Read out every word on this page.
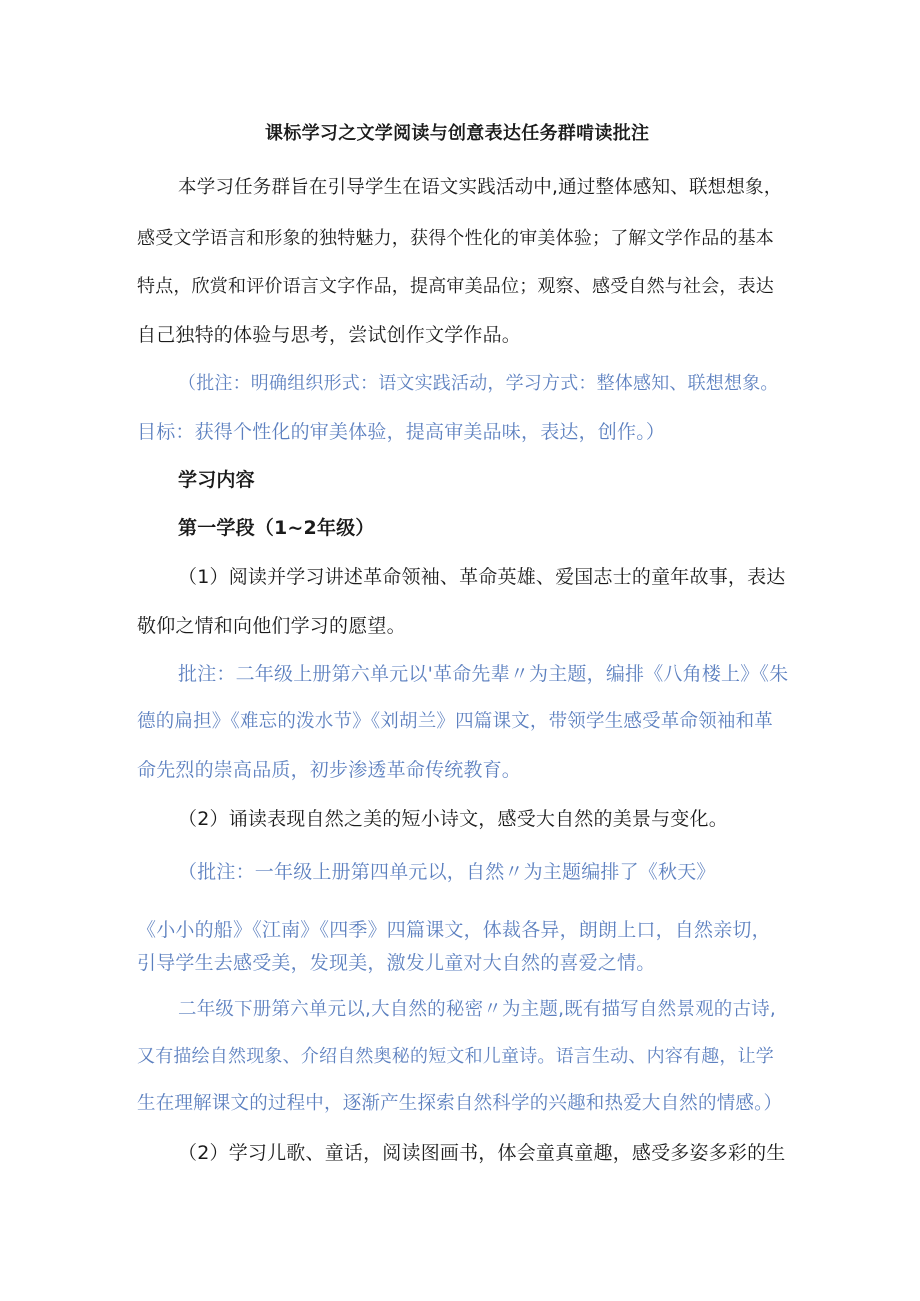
课标学习之文学阅读与创意表达任务群啃读批注
本学习任务群旨在引导学生在语文实践活动中,通过整体感知、联想想象，
感受文学语言和形象的独特魅力，获得个性化的审美体验；了解文学作品的基本
特点，欣赏和评价语言文字作品，提高审美品位；观察、感受自然与社会，表达
自己独特的体验与思考，尝试创作文学作品。
（批注：明确组织形式：语文实践活动，学习方式：整体感知、联想想象。
目标：获得个性化的审美体验，提高审美品味，表达，创作。）
学习内容
第一学段（1~2年级）
（1）阅读并学习讲述革命领袖、革命英雄、爱国志士的童年故事，表达
敬仰之情和向他们学习的愿望。
批注：二年级上册第六单元以'革命先辈〃为主题，编排《八角楼上》《朱
德的扁担》《难忘的泼水节》《刘胡兰》四篇课文，带领学生感受革命领袖和革
命先烈的崇高品质，初步渗透革命传统教育。
（2）诵读表现自然之美的短小诗文，感受大自然的美景与变化。
（批注：一年级上册第四单元以，自然〃为主题编排了《秋天》
《小小的船》《江南》《四季》四篇课文，体裁各异，朗朗上口，自然亲切，
引导学生去感受美，发现美，激发儿童对大自然的喜爱之情。
二年级下册第六单元以,大自然的秘密〃为主题,既有描写自然景观的古诗,
又有描绘自然现象、介绍自然奥秘的短文和儿童诗。语言生动、内容有趣，让学
生在理解课文的过程中，逐渐产生探索自然科学的兴趣和热爱大自然的情感。）
（2）学习儿歌、童话，阅读图画书，体会童真童趣，感受多姿多彩的生
